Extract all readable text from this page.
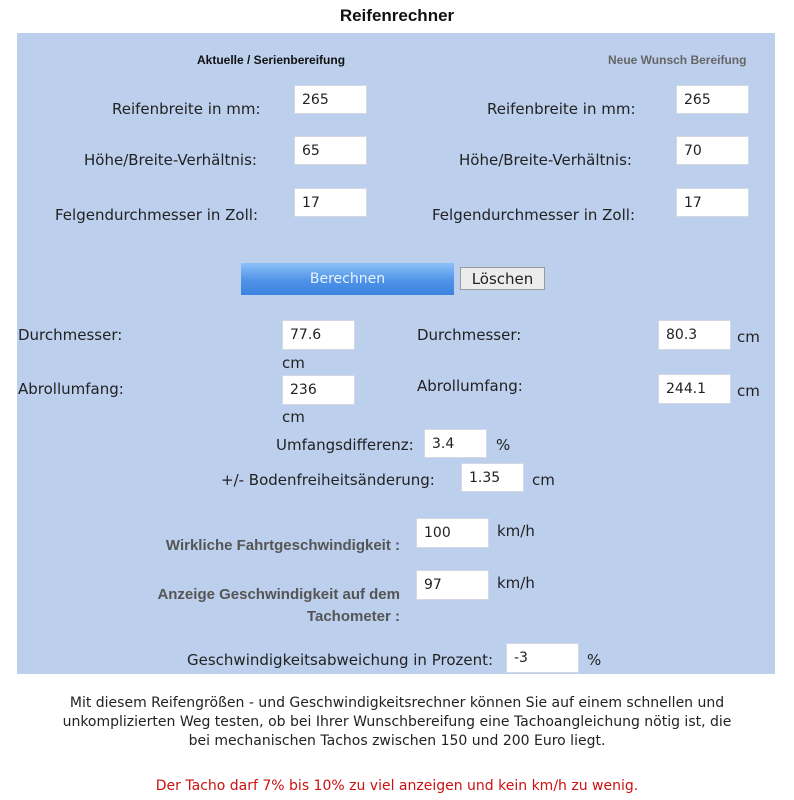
Reifenrechner
Aktuelle / Serienbereifung	Neue Wunsch Bereifung
Reifenbreite in mm:
265
Höhe/Breite-Verhältnis:
65
Felgendurchmesser in Zoll:
17
Reifenbreite in mm:
265
Höhe/Breite-Verhältnis:
70
Felgendurchmesser in Zoll:
17
Berechnen	Löschen
Durchmesser:
77.6
cm
Abrollumfang:
236
cm
Durchmesser:
80.3	cm
Abrollumfang:
244.1	cm
Umfangsdifferenz:
3.4	%
+/- Bodenfreiheitsänderung:
1.35	cm
Wirkliche Fahrtgeschwindigkeit :
100
km/h
Anzeige Geschwindigkeit auf dem
Tachometer :
97
km/h
Geschwindigkeitsabweichung in Prozent:
-3	%
Mit diesem Reifengrößen - und Geschwindigkeitsrechner können Sie auf einem schnellen und
unkomplizierten Weg testen, ob bei Ihrer Wunschbereifung eine Tachoangleichung nötig ist, die
bei mechanischen Tachos zwischen 150 und 200 Euro liegt.
Der Tacho darf 7% bis 10% zu viel anzeigen und kein km/h zu wenig.
